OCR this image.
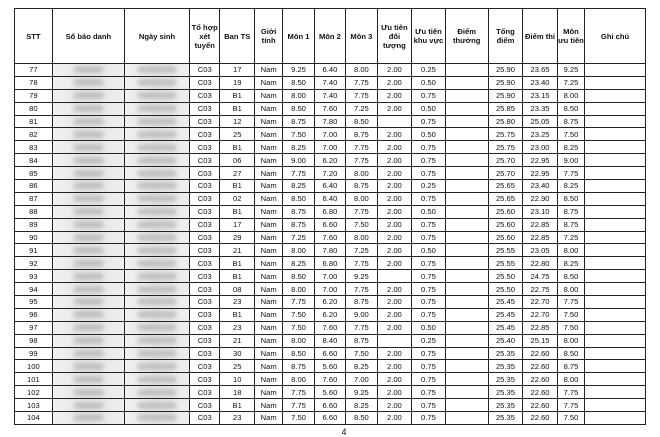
STT	Số báo danh	Ngày sinh	Tổ hợp xét tuyển	Ban TS	Giới tính	Môn 1	Môn 2	Môn 3	Ưu tiên đối tượng	Ưu tiên khu vực	Điểm thưởng	Tổng điểm	Điểm thi	Môn ưu tiên	Ghi chú
77	2300000	00/00/2000	C03	17	Nam	9.25	6.40	8.00	2.00	0.25		25.90	23.65	9.25	
78	2300000	00/00/2000	C03	19	Nam	8.50	7.40	7.75	2.00	0.50		25.90	23.40	7.25	
79	2300000	00/00/2000	C03	B1	Nam	8.00	7.40	7.75	2.00	0.75		25.90	23.15	8.00	
80	2300000	00/00/2000	C03	B1	Nam	8.50	7.60	7.25	2.00	0.50		25.85	23.35	8.50	
81	2300000	00/00/2000	C03	12	Nam	8.75	7.80	8.50		0.75		25.80	25.05	8.75	
82	2300000	00/00/2000	C03	25	Nam	7.50	7.00	8.75	2.00	0.50		25.75	23.25	7.50	
83	2300000	00/00/2000	C03	B1	Nam	8.25	7.00	7.75	2.00	0.75		25.75	23.00	8.25	
84	2300000	00/00/2000	C03	06	Nam	9.00	6.20	7.75	2.00	0.75		25.70	22.95	9.00	
85	2300000	00/00/2000	C03	27	Nam	7.75	7.20	8.00	2.00	0.75		25.70	22.95	7.75	
86	2300000	00/00/2000	C03	B1	Nam	8.25	6.40	8.75	2.00	0.25		25.65	23.40	8.25	
87	2300000	00/00/2000	C03	02	Nam	8.50	6.40	8.00	2.00	0.75		25.65	22.90	8.50	
88	2300000	00/00/2000	C03	B1	Nam	8.75	6.80	7.75	2.00	0.50		25.60	23.10	8.75	
89	2300000	00/00/2000	C03	17	Nam	8.75	6.60	7.50	2.00	0.75		25.60	22.85	8.75	
90	2300000	00/00/2000	C03	29	Nam	7.25	7.60	8.00	2.00	0.75		25.60	22.85	7.25	
91	2300000	00/00/2000	C03	21	Nam	8.00	7.80	7.25	2.00	0.50		25.55	23.05	8.00	
92	2300000	00/00/2000	C03	B1	Nam	8.25	6.80	7.75	2.00	0.75		25.55	22.80	8.25	
93	2300000	00/00/2000	C03	B1	Nam	8.50	7.00	9.25		0.75		25.50	24.75	8.50	
94	2300000	00/00/2000	C03	08	Nam	8.00	7.00	7.75	2.00	0.75		25.50	22.75	8.00	
95	2300000	00/00/2000	C03	23	Nam	7.75	6.20	8.75	2.00	0.75		25.45	22.70	7.75	
96	2300000	00/00/2000	C03	B1	Nam	7.50	6.20	9.00	2.00	0.75		25.45	22.70	7.50	
97	2300000	00/00/2000	C03	23	Nam	7.50	7.60	7.75	2.00	0.50		25.45	22.85	7.50	
98	2300000	00/00/2000	C03	21	Nam	8.00	8.40	8.75		0.25		25.40	25.15	8.00	
99	2300000	00/00/2000	C03	30	Nam	8.50	6.60	7.50	2.00	0.75		25.35	22.60	8.50	
100	2300000	00/00/2000	C03	25	Nam	8.75	5.60	8.25	2.00	0.75		25.35	22.60	8.75	
101	2300000	00/00/2000	C03	10	Nam	8.00	7.60	7.00	2.00	0.75		25.35	22.60	8.00	
102	2300000	00/00/2000	C03	18	Nam	7.75	5.60	9.25	2.00	0.75		25.35	22.60	7.75	
103	2300000	00/00/2000	C03	B1	Nam	7.75	6.60	8.25	2.00	0.75		25.35	22.60	7.75	
104	2300000	00/00/2000	C03	23	Nam	7.50	6.60	8.50	2.00	0.75		25.35	22.60	7.50	
4
